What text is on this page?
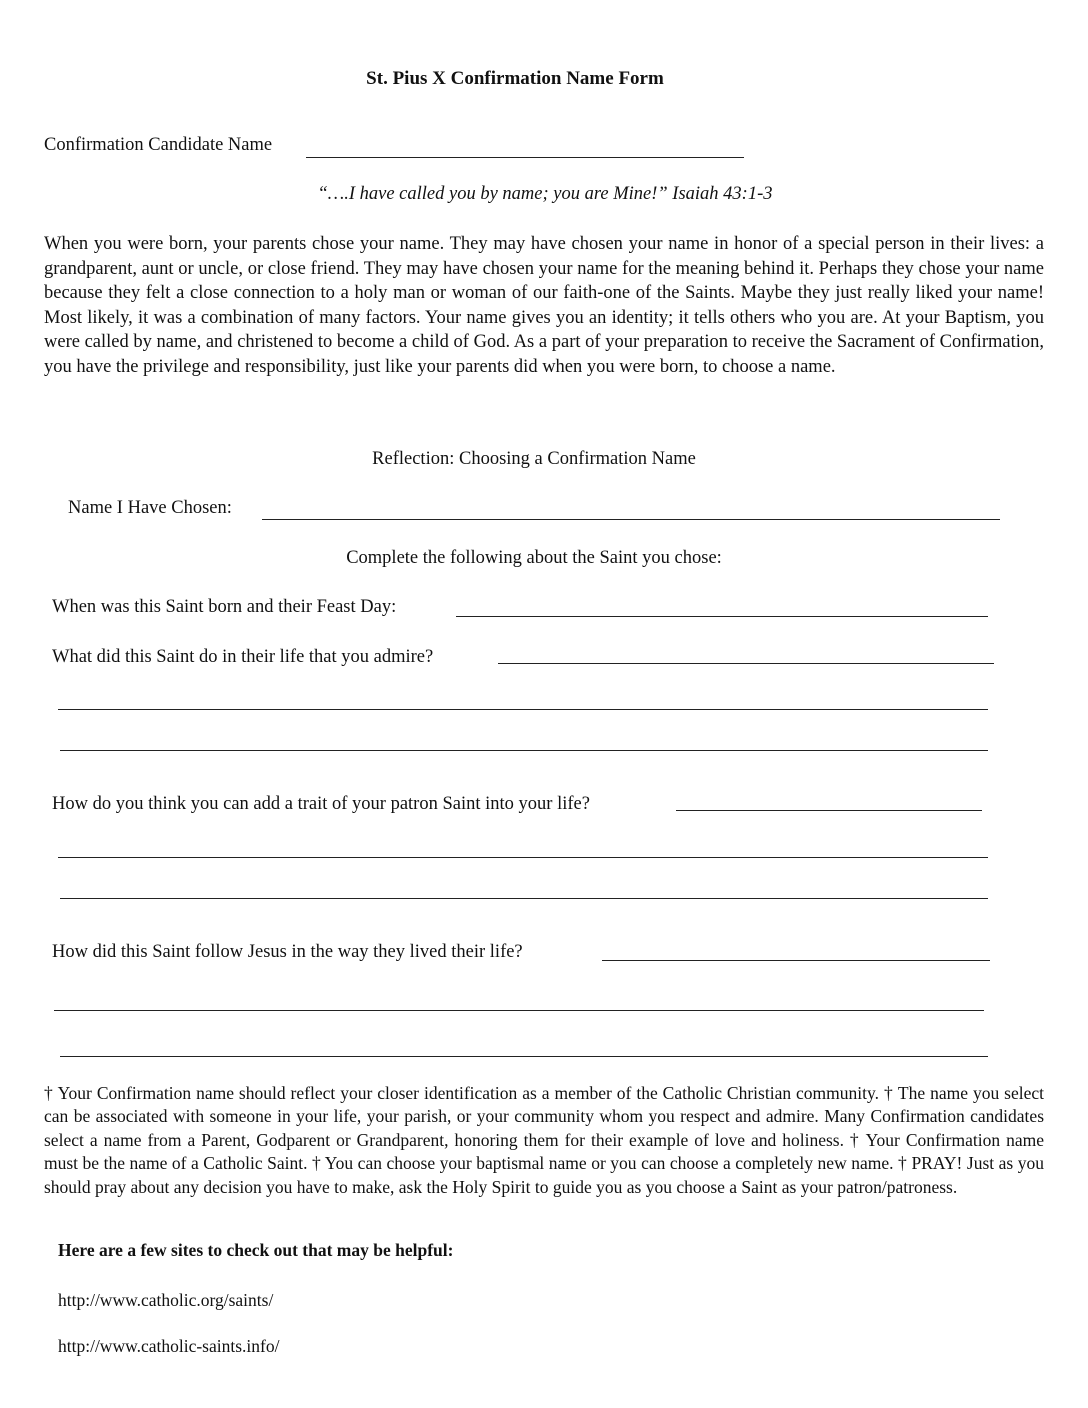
St. Pius X Confirmation Name Form
Confirmation Candidate Name
“….I have called you by name; you are Mine!” Isaiah 43:1-3
When you were born, your parents chose your name. They may have chosen your name in honor of a special person in their lives: a grandparent, aunt or uncle, or close friend. They may have chosen your name for the meaning behind it. Perhaps they chose your name because they felt a close connection to a holy man or woman of our faith-one of the Saints. Maybe they just really liked your name! Most likely, it was a combination of many factors. Your name gives you an identity; it tells others who you are. At your Baptism, you were called by name, and christened to become a child of God. As a part of your preparation to receive the Sacrament of Confirmation, you have the privilege and responsibility, just like your parents did when you were born, to choose a name.
Reflection: Choosing a Confirmation Name
Name I Have Chosen:
Complete the following about the Saint you chose:
When was this Saint born and their Feast Day:
What did this Saint do in their life that you admire?
How do you think you can add a trait of your patron Saint into your life?
How did this Saint follow Jesus in the way they lived their life?
† Your Confirmation name should reflect your closer identification as a member of the Catholic Christian community. † The name you select can be associated with someone in your life, your parish, or your community whom you respect and admire. Many Confirmation candidates select a name from a Parent, Godparent or Grandparent, honoring them for their example of love and holiness. † Your Confirmation name must be the name of a Catholic Saint. † You can choose your baptismal name or you can choose a completely new name. † PRAY! Just as you should pray about any decision you have to make, ask the Holy Spirit to guide you as you choose a Saint as your patron/patroness.
Here are a few sites to check out that may be helpful:
http://www.catholic.org/saints/
http://www.catholic-saints.info/
